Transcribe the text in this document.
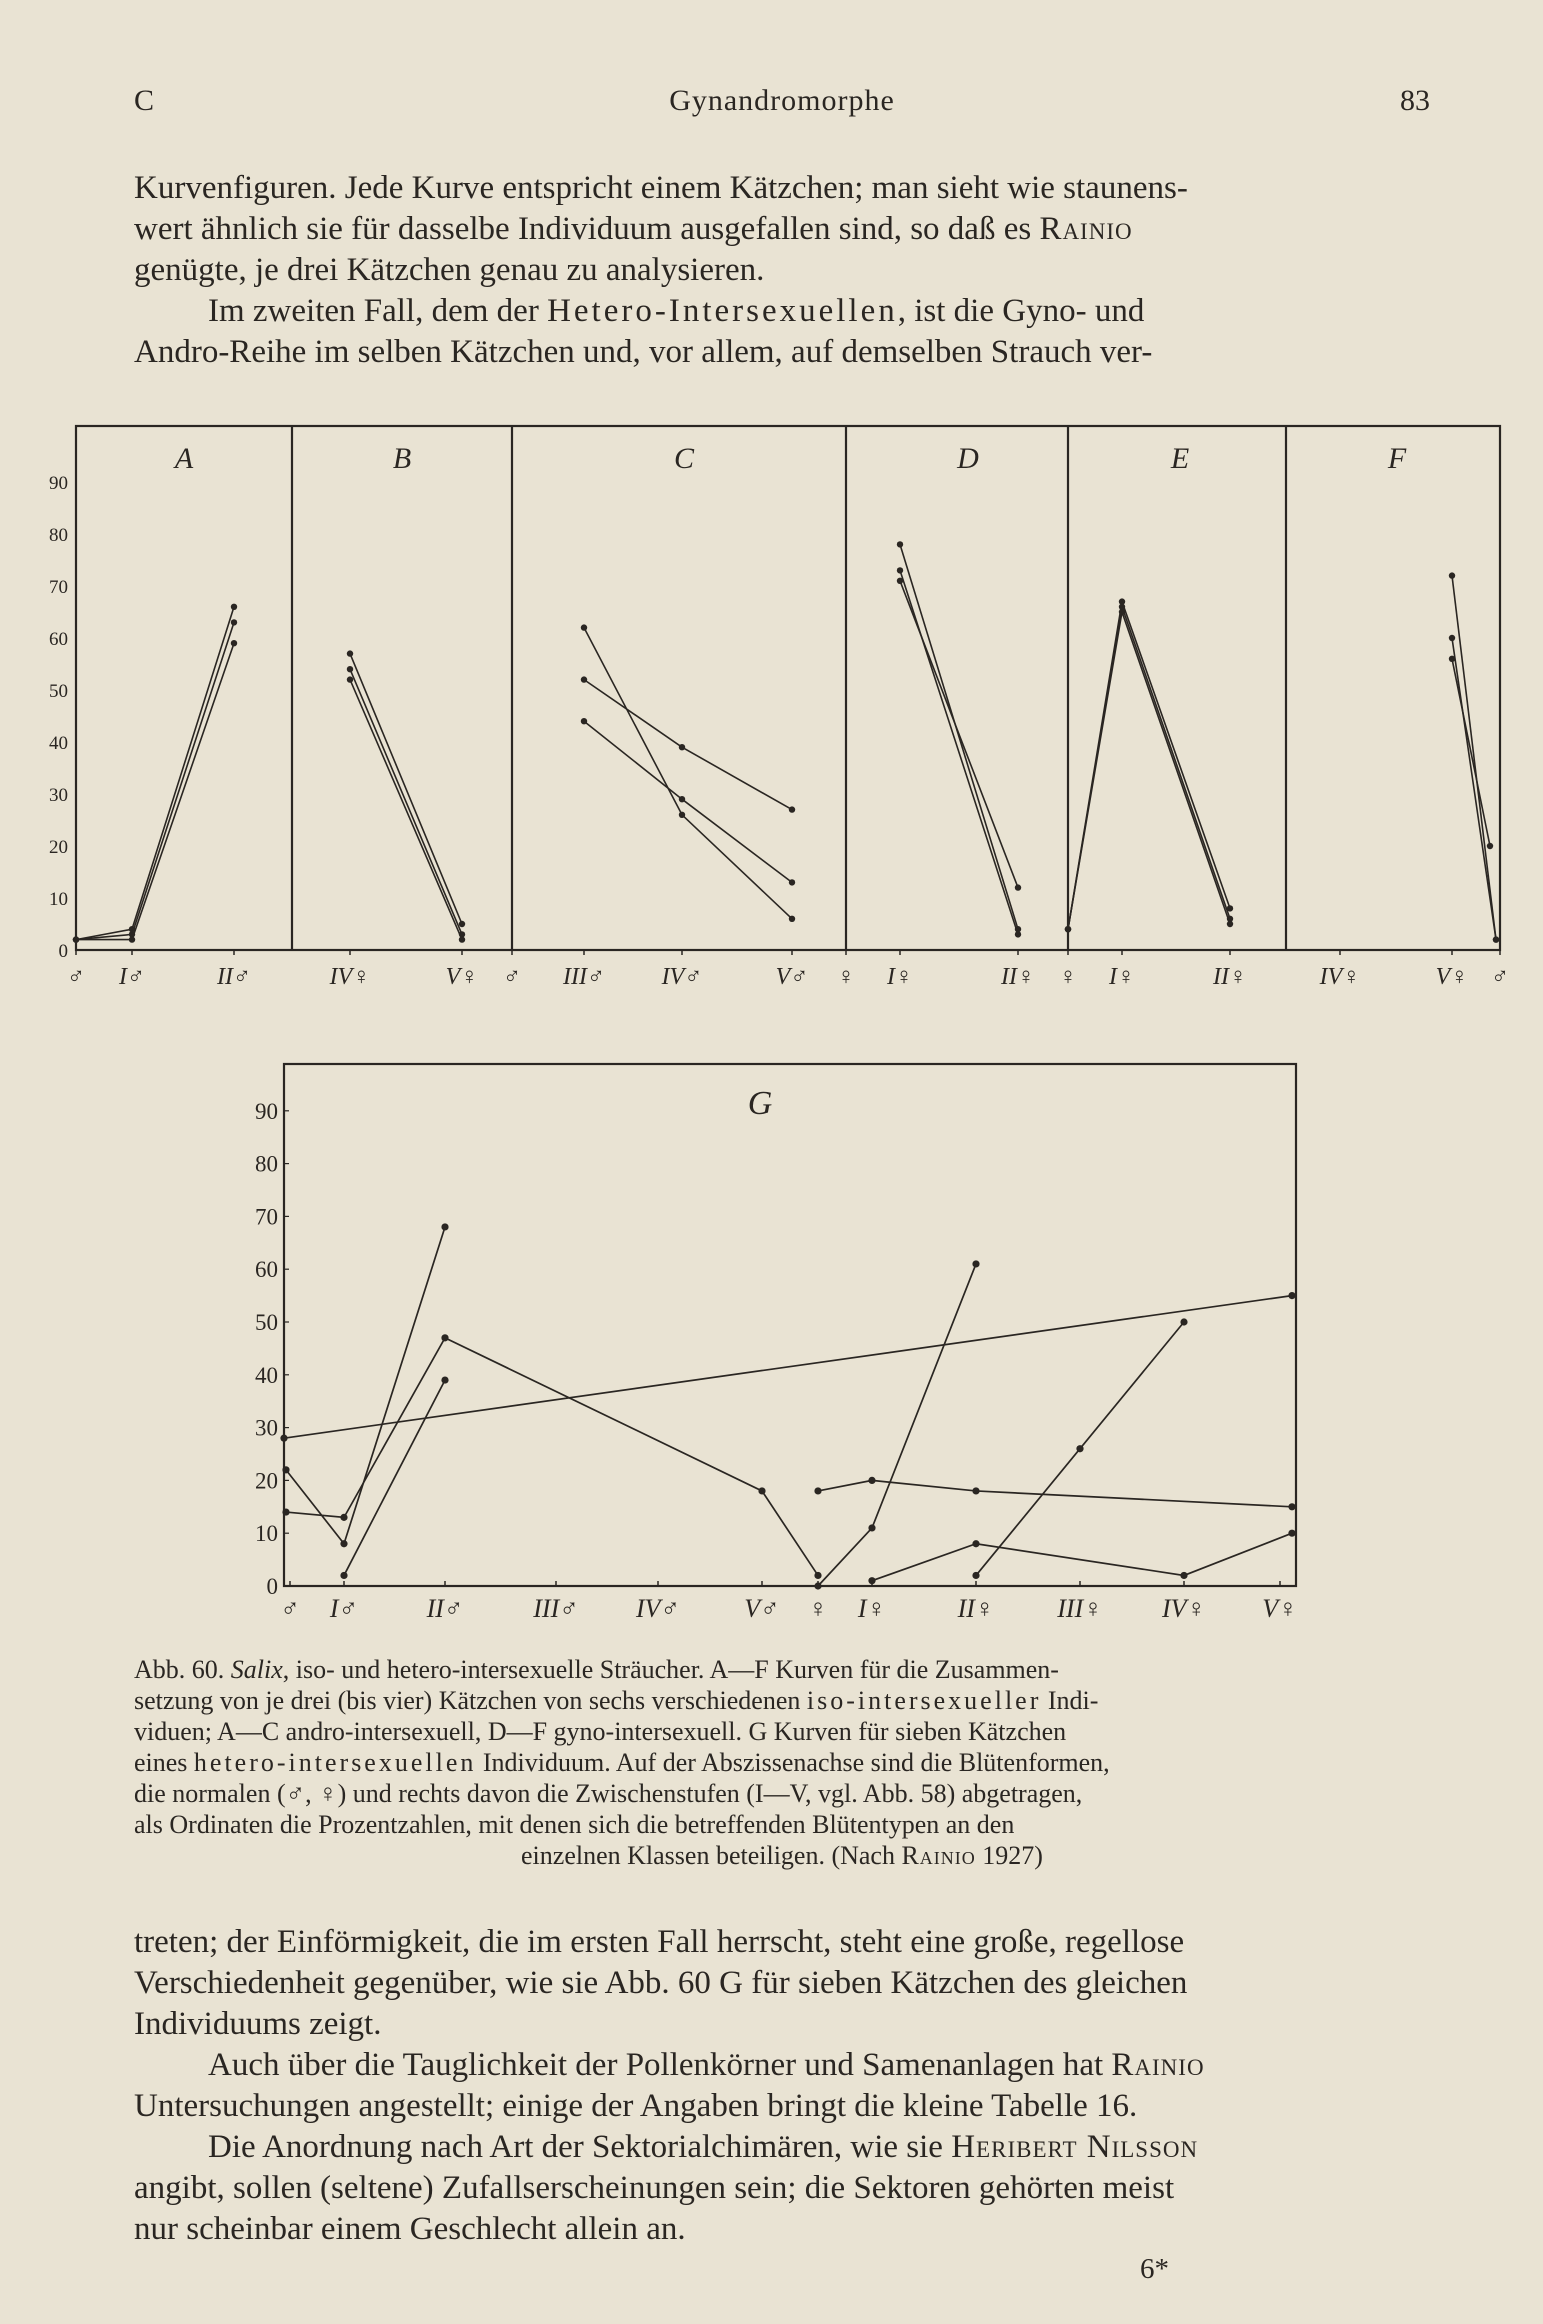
C	Gynandromorphe	83

Kurvenfiguren. Jede Kurve entspricht einem Kätzchen; man sieht wie staunens-

wert ähnlich sie für dasselbe Individuum ausgefallen sind, so daß es Rainio

genügte, je drei Kätzchen genau zu analysieren.

Im zweiten Fall, dem der Hetero-Intersexuellen, ist die Gyno- und

Andro-Reihe im selben Kätzchen und, vor allem, auf demselben Strauch ver-

90
80
70
60
50
40
30
20
10
0
♂ I♂	II♂	IV♀	V♀ ♂ III♂ IV♂	V♂ ♀ I♀	II♀ ♀ I♀	II♀	IV♀	V♀ ♂
A	B	C	D	E	F
90
80
70
60
50
40
30
20
10
0
♂ I♂	II♂	III♂ IV♂ V♂ ♀ I♀	II♀ III♀ IV♀ V♀
G

Abb. 60. Salix, iso- und hetero-intersexuelle Sträucher. A—F Kurven für die Zusammen-

setzung von je drei (bis vier) Kätzchen von sechs verschiedenen iso-intersexueller Indi-

viduen; A—C andro-intersexuell, D—F gyno-intersexuell. G Kurven für sieben Kätzchen

eines hetero-intersexuellen Individuum. Auf der Abszissenachse sind die Blütenformen,

die normalen (♂, ♀) und rechts davon die Zwischenstufen (I—V, vgl. Abb. 58) abgetragen,

als Ordinaten die Prozentzahlen, mit denen sich die betreffenden Blütentypen an den

einzelnen Klassen beteiligen. (Nach Rainio 1927)

treten; der Einförmigkeit, die im ersten Fall herrscht, steht eine große, regellose

Verschiedenheit gegenüber, wie sie Abb. 60 G für sieben Kätzchen des gleichen

Individuums zeigt.

Auch über die Tauglichkeit der Pollenkörner und Samenanlagen hat Rainio

Untersuchungen angestellt; einige der Angaben bringt die kleine Tabelle 16.

Die Anordnung nach Art der Sektorialchimären, wie sie Heribert Nilsson

angibt, sollen (seltene) Zufallserscheinungen sein; die Sektoren gehörten meist

nur scheinbar einem Geschlecht allein an.

6*
